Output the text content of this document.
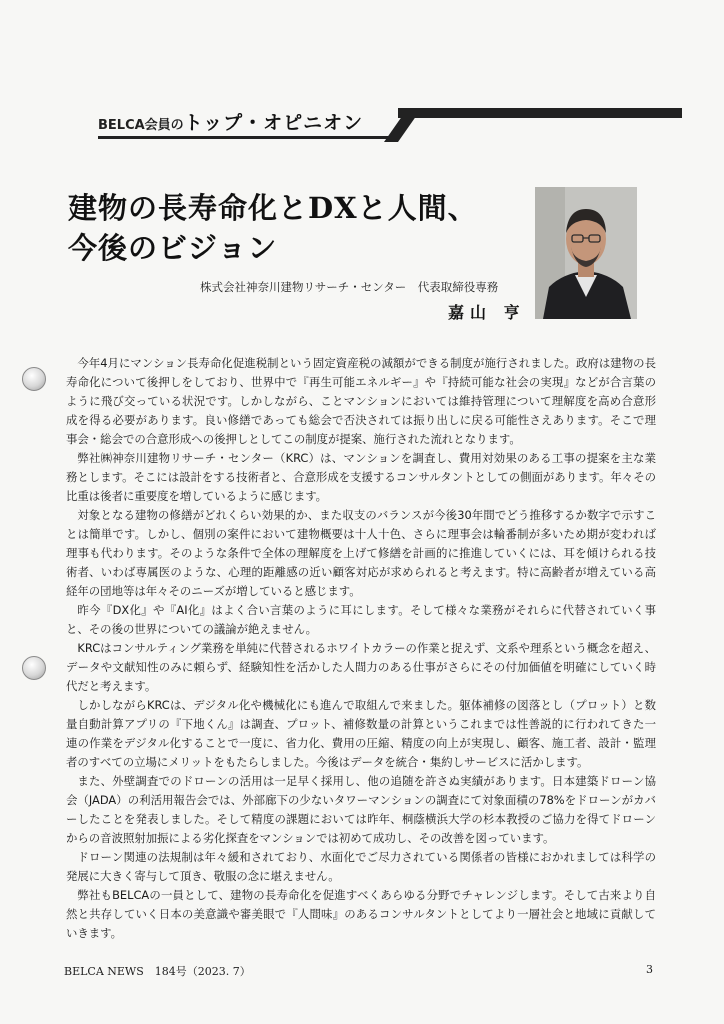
BELCA会員のトップ・オピニオン
建物の長寿命化とDXと人間、
今後のビジョン
株式会社神奈川建物リサーチ・センター　代表取締役専務
嘉山 亨

今年4月にマンション長寿命化促進税制という固定資産税の減額ができる制度が施行されました。政府は建物の長寿命化について後押しをしており、世界中で『再生可能エネルギー』や『持続可能な社会の実現』などが合言葉のように飛び交っている状況です。しかしながら、ことマンションにおいては維持管理について理解度を高め合意形成を得る必要があります。良い修繕であっても総会で否決されては振り出しに戻る可能性さえあります。そこで理事会・総会での合意形成への後押しとしてこの制度が提案、施行された流れとなります。

弊社㈱神奈川建物リサーチ・センター（KRC）は、マンションを調査し、費用対効果のある工事の提案を主な業務とします。そこには設計をする技術者と、合意形成を支援するコンサルタントとしての側面があります。年々その比重は後者に重要度を増しているように感じます。

対象となる建物の修繕がどれくらい効果的か、また収支のバランスが今後30年間でどう推移するか数字で示すことは簡単です。しかし、個別の案件において建物概要は十人十色、さらに理事会は輪番制が多いため期が変われば理事も代わります。そのような条件で全体の理解度を上げて修繕を計画的に推進していくには、耳を傾けられる技術者、いわば専属医のような、心理的距離感の近い顧客対応が求められると考えます。特に高齢者が増えている高経年の団地等は年々そのニーズが増していると感じます。

昨今『DX化』や『AI化』はよく合い言葉のように耳にします。そして様々な業務がそれらに代替されていく事と、その後の世界についての議論が絶えません。

KRCはコンサルティング業務を単純に代替されるホワイトカラーの作業と捉えず、文系や理系という概念を超え、データや文献知性のみに頼らず、経験知性を活かした人間力のある仕事がさらにその付加価値を明確にしていく時代だと考えます。

しかしながらKRCは、デジタル化や機械化にも進んで取組んで来ました。躯体補修の図落とし（プロット）と数量自動計算アプリの『下地くん』は調査、プロット、補修数量の計算というこれまでは性善説的に行われてきた一連の作業をデジタル化することで一度に、省力化、費用の圧縮、精度の向上が実現し、顧客、施工者、設計・監理者のすべての立場にメリットをもたらしました。今後はデータを統合・集約しサービスに活かします。

また、外壁調査でのドローンの活用は一足早く採用し、他の追随を許さぬ実績があります。日本建築ドローン協会（JADA）の利活用報告会では、外部廊下の少ないタワーマンションの調査にて対象面積の78%をドローンがカバーしたことを発表しました。そして精度の課題においては昨年、桐蔭横浜大学の杉本教授のご協力を得てドローンからの音波照射加振による劣化探査をマンションでは初めて成功し、その改善を図っています。

ドローン関連の法規制は年々緩和されており、水面化でご尽力されている関係者の皆様におかれましては科学の発展に大きく寄与して頂き、敬服の念に堪えません。

弊社もBELCAの一員として、建物の長寿命化を促進すべくあらゆる分野でチャレンジします。そして古来より自然と共存していく日本の美意識や審美眼で『人間味』のあるコンサルタントとしてより一層社会と地域に貢献していきます。

BELCA NEWS　184号（2023. 7）	3
